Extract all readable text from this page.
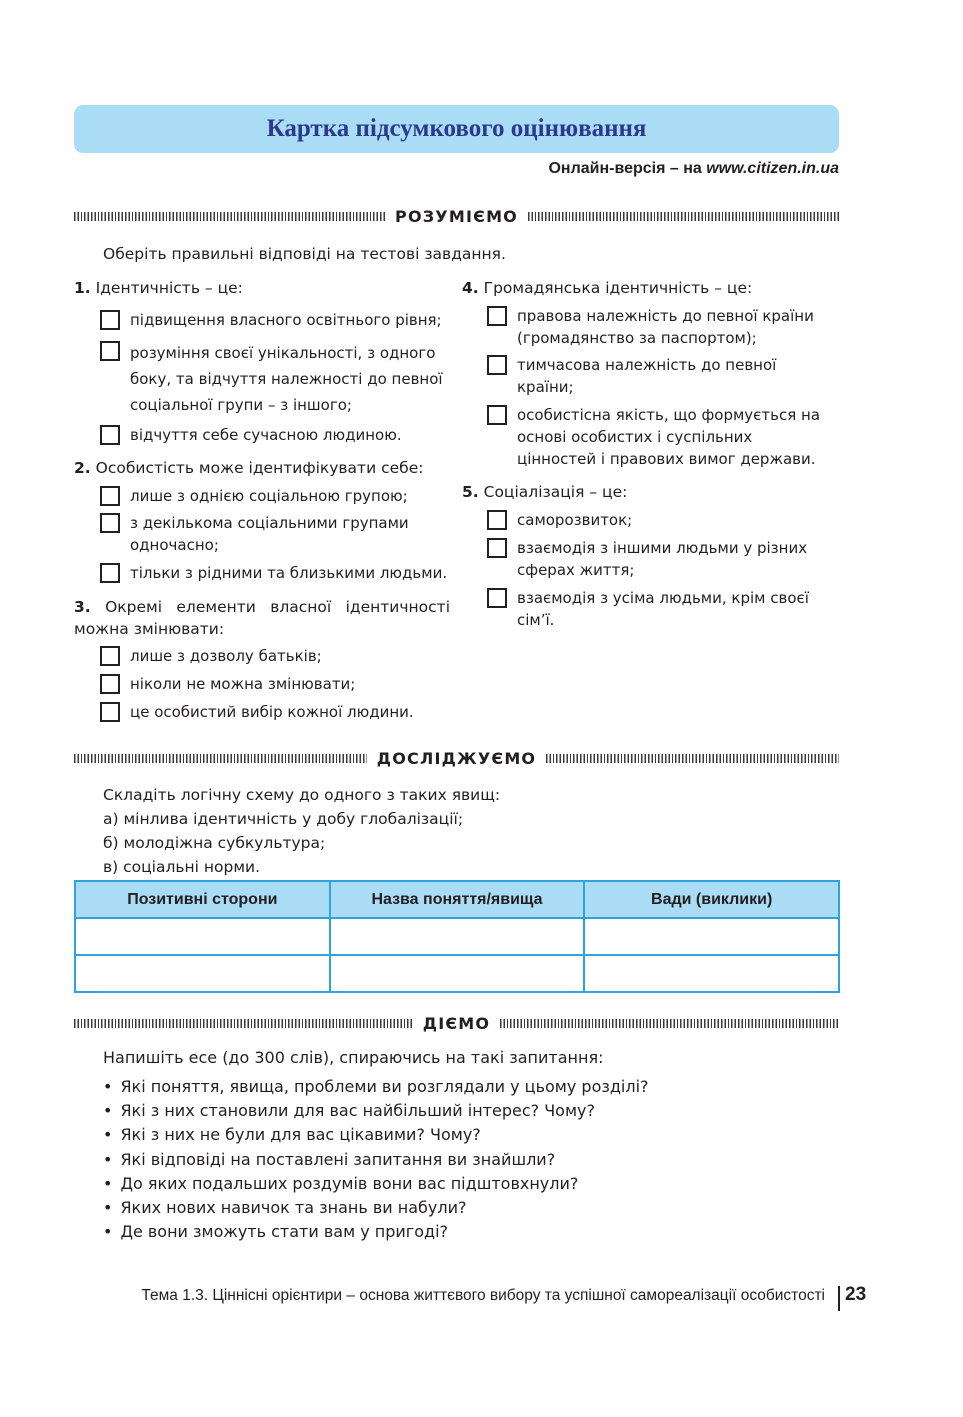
Картка підсумкового оцінювання
Онлайн-версія – на www.citizen.in.ua
РОЗУМІЄМО
Оберіть правильні відповіді на тестові завдання.
1. Ідентичність – це:
підвищення власного освітнього рівня;
розуміння своєї унікальності, з одного боку, та відчуття належності до певної соціальної групи – з іншого;
відчуття себе сучасною людиною.
2. Особистість може ідентифікувати себе:
лише з однією соціальною групою;
з декількома соціальними групами одночасно;
тільки з рідними та близькими людьми.
3. Окремі елементи власної ідентичності можна змінювати:
лише з дозволу батьків;
ніколи не можна змінювати;
це особистий вибір кожної людини.
4. Громадянська ідентичність – це:
правова належність до певної країни (громадянство за паспортом);
тимчасова належність до певної країни;
особистісна якість, що формується на основі особистих і суспільних цінностей і правових вимог держави.
5. Соціалізація – це:
саморозвиток;
взаємодія з іншими людьми у різних сферах життя;
взаємодія з усіма людьми, крім своєї сім’ї.
ДОСЛІДЖУЄМО
Складіть логічну схему до одного з таких явищ:
а) мінлива ідентичність у добу глобалізації;
б) молодіжна субкультура;
в) соціальні норми.
Позитивні сторони	Назва поняття/явища	Вади (виклики)

ДІЄМО
Напишіть есе (до 300 слів), спираючись на такі запитання:
• Які поняття, явища, проблеми ви розглядали у цьому розділі?
• Які з них становили для вас найбільший інтерес? Чому?
• Які з них не були для вас цікавими? Чому?
• Які відповіді на поставлені запитання ви знайшли?
• До яких подальших роздумів вони вас підштовхнули?
• Яких нових навичок та знань ви набули?
• Де вони зможуть стати вам у пригоді?
Тема 1.3. Ціннісні орієнтири – основа життєвого вибору та успішної самореалізації особистості 23
